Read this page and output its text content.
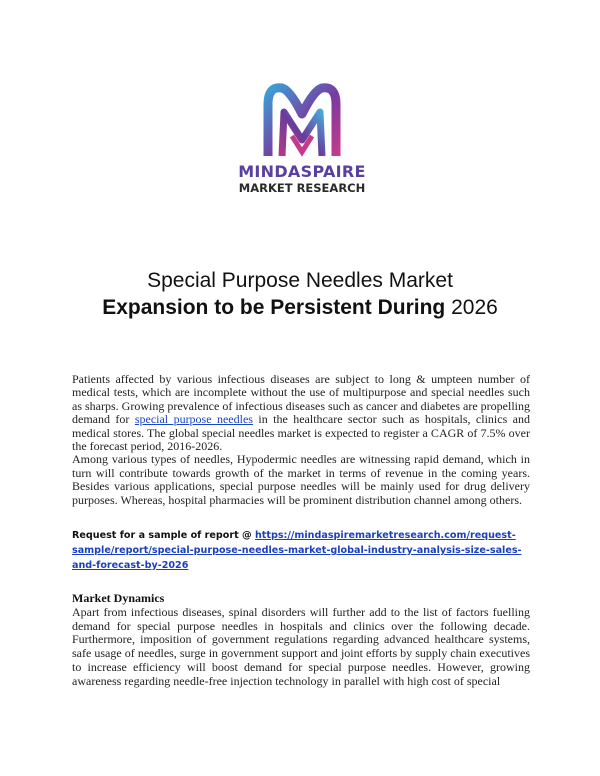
MINDASPAIRE
MARKET RESEARCH
Special Purpose Needles Market
Expansion to be Persistent During 2026

Patients affected by various infectious diseases are subject to long & umpteen number of medical tests, which are incomplete without the use of multipurpose and special needles such as sharps. Growing prevalence of infectious diseases such as cancer and diabetes are propelling demand for special purpose needles in the healthcare sector such as hospitals, clinics and medical stores. The global special needles market is expected to register a CAGR of 7.5% over the forecast period, 2016-2026.

Among various types of needles, Hypodermic needles are witnessing rapid demand, which in turn will contribute towards growth of the market in terms of revenue in the coming years. Besides various applications, special purpose needles will be mainly used for drug delivery purposes. Whereas, hospital pharmacies will be prominent distribution channel among others.

Request for a sample of report @ https://mindaspiremarketresearch.com/request-sample/report/special-purpose-needles-market-global-industry-analysis-size-sales-and-forecast-by-2026
Market Dynamics

Apart from infectious diseases, spinal disorders will further add to the list of factors fuelling demand for special purpose needles in hospitals and clinics over the following decade. Furthermore, imposition of government regulations regarding advanced healthcare systems, safe usage of needles, surge in government support and joint efforts by supply chain executives to increase efficiency will boost demand for special purpose needles. However, growing awareness regarding needle-free injection technology in parallel with high cost of special
